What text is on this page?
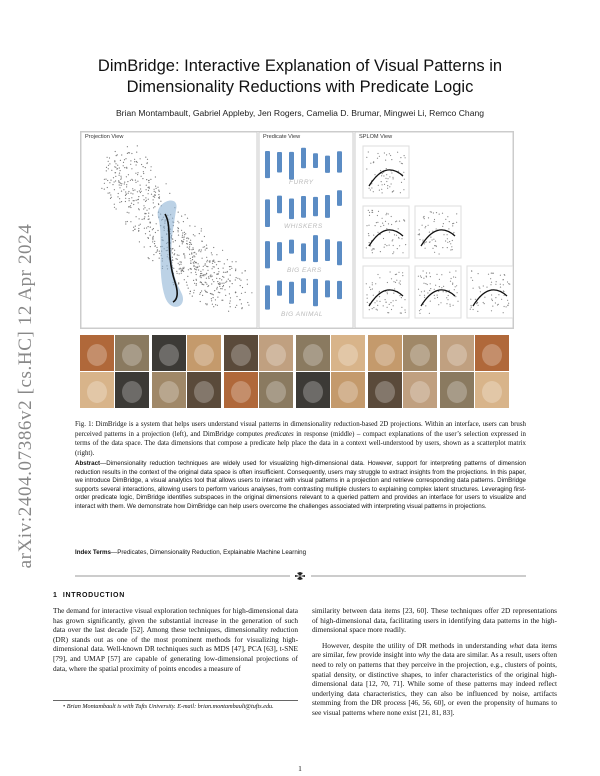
arXiv:2404.07386v2 [cs.HC] 12 Apr 2024
DimBridge: Interactive Explanation of Visual Patterns in
Dimensionality Reductions with Predicate Logic
Brian Montambault, Gabriel Appleby, Jen Rogers, Camelia D. Brumar, Mingwei Li, Remco Chang
Projection View	Predicate View	SPLOM View
FURRY
WHISKERS
BIG EARS
BIG ANIMAL
Fig. 1: DimBridge is a system that helps users understand visual patterns in dimensionality reduction-based 2D projections. Within an interface, users can brush perceived patterns in a projection (left), and DimBridge computes predicates in response (middle) – compact explanations of the user’s selection expressed in terms of the data space. The data dimensions that compose a predicate help place the data in a context well-understood by users, shown as a scatterplot matrix (right).
Abstract—Dimensionality reduction techniques are widely used for visualizing high-dimensional data. However, support for interpreting patterns of dimension reduction results in the context of the original data space is often insufficient. Consequently, users may struggle to extract insights from the projections. In this paper, we introduce DimBridge, a visual analytics tool that allows users to interact with visual patterns in a projection and retrieve corresponding data patterns. DimBridge supports several interactions, allowing users to perform various analyses, from contrasting multiple clusters to explaining complex latent structures. Leveraging first-order predicate logic, DimBridge identifies subspaces in the original dimensions relevant to a queried pattern and provides an interface for users to visualize and interact with them. We demonstrate how DimBridge can help users overcome the challenges associated with interpreting visual patterns in projections.
Index Terms—Predicates, Dimensionality Reduction, Explainable Machine Learning
1 INTRODUCTION
The demand for interactive visual exploration techniques for high-dimensional data has grown significantly, given the substantial increase in the generation of such data over the last decade [52]. Among these techniques, dimensionality reduction (DR) stands out as one of the most prominent methods for visualizing high-dimensional data. Well-known DR techniques such as MDS [47], PCA [63], t-SNE [79], and UMAP [57] are capable of generating low-dimensional projections of data, where the spatial proximity of points encodes a measure of
similarity between data items [23, 60]. These techniques offer 2D representations of high-dimensional data, facilitating users in identifying data patterns in the high-dimensional space more readily.
However, despite the utility of DR methods in understanding what data items are similar, few provide insight into why the data are similar. As a result, users often need to rely on patterns that they perceive in the projection, e.g., clusters of points, spatial density, or distinctive shapes, to infer characteristics of the original high-dimensional data [12, 70, 71]. While some of these patterns may indeed reflect underlying data characteristics, they can also be influenced by noise, artifacts stemming from the DR process [46, 56, 60], or even the propensity of humans to see visual patterns where none exist [21, 81, 83].
• Brian Montambault is with Tufts University. E-mail: brian.montambault@tufts.edu.
1
